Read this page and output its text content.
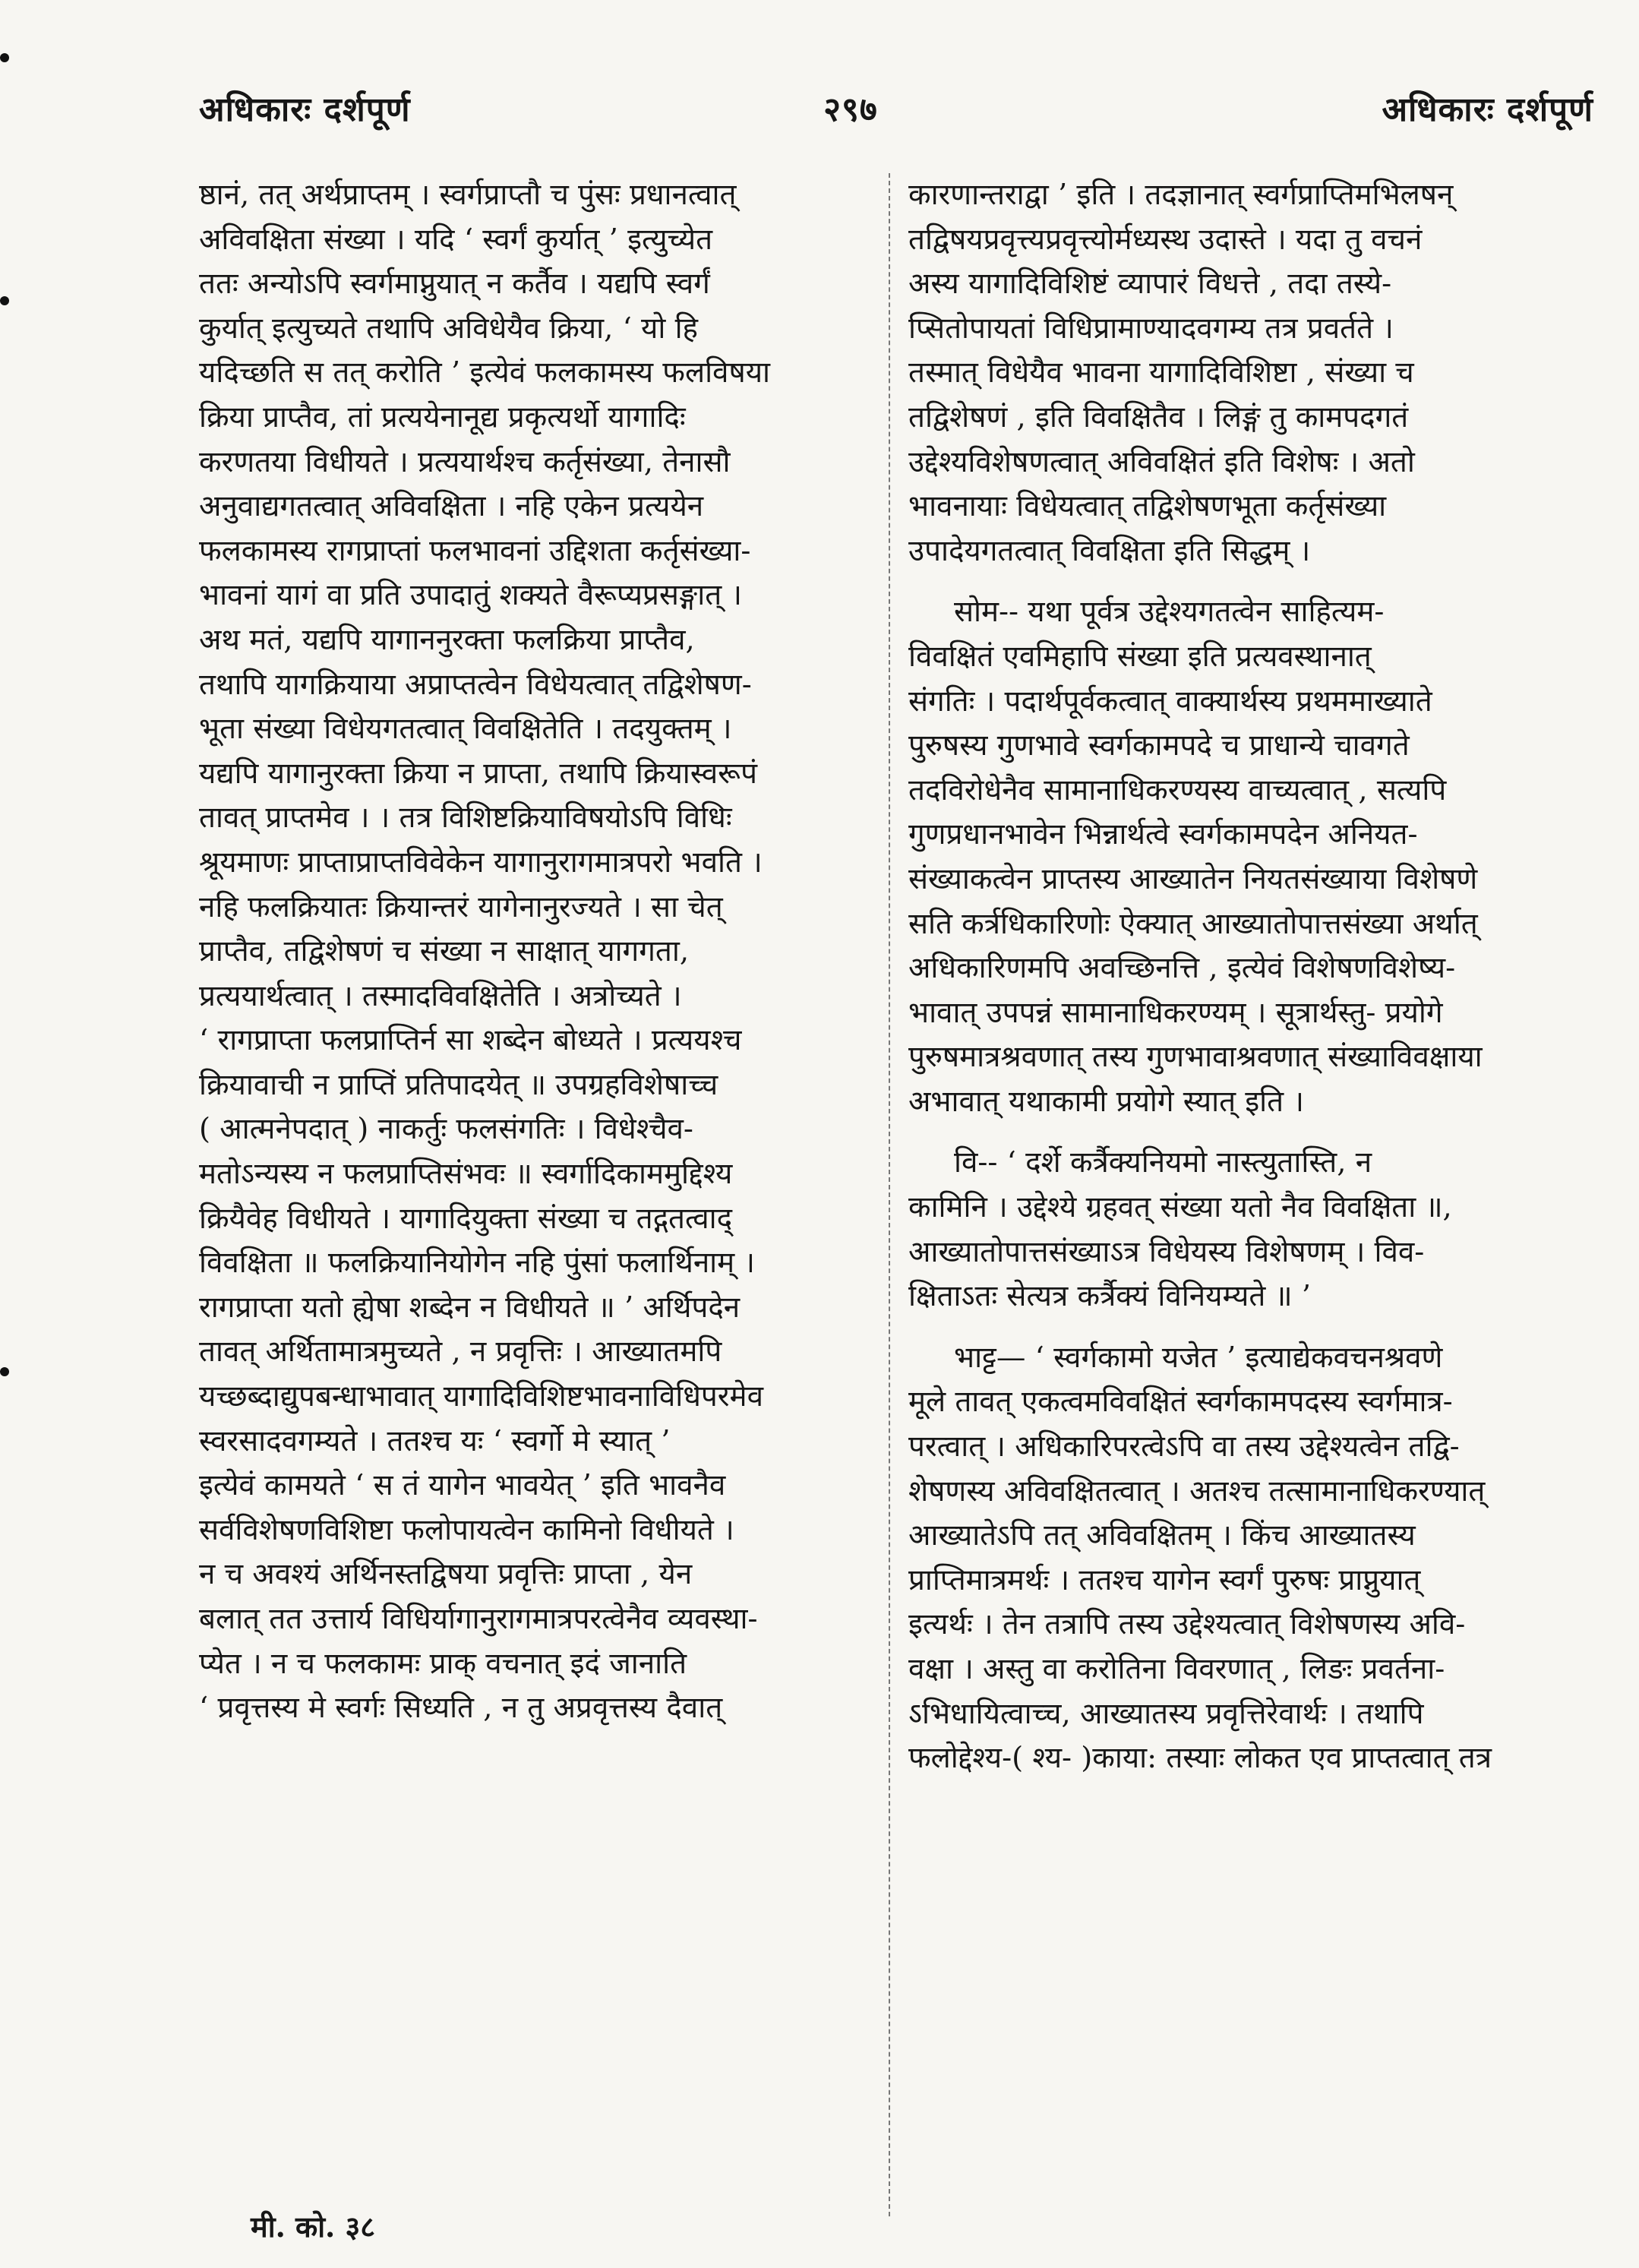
अधिकारः दर्शपूर्ण	२९७	अधिकारः दर्शपूर्ण
ष्ठानं, तत् अर्थप्राप्तम् । स्वर्गप्राप्तौ च पुंसः प्रधानत्वात्
अविवक्षिता संख्या । यदि ‘ स्वर्गं कुर्यात् ’ इत्युच्येत
ततः अन्योऽपि स्वर्गमाप्नुयात् न कर्तैव । यद्यपि स्वर्गं
कुर्यात् इत्युच्यते तथापि अविधेयैव क्रिया, ‘ यो हि
यदिच्छति स तत् करोति ’ इत्येवं फलकामस्य फलविषया
क्रिया प्राप्तैव, तां प्रत्ययेनानूद्य प्रकृत्यर्थो यागादिः
करणतया विधीयते । प्रत्ययार्थश्च कर्तृसंख्या, तेनासौ
अनुवाद्यगतत्वात् अविवक्षिता । नहि एकेन प्रत्ययेन
फलकामस्य रागप्राप्तां फलभावनां उद्दिशता कर्तृसंख्या-
भावनां यागं वा प्रति उपादातुं शक्यते वैरूप्यप्रसङ्गात् ।
अथ मतं, यद्यपि यागाननुरक्ता फलक्रिया प्राप्तैव,
तथापि यागक्रियाया अप्राप्तत्वेन विधेयत्वात् तद्विशेषण-
भूता संख्या विधेयगतत्वात् विवक्षितेति । तदयुक्तम् ।
यद्यपि यागानुरक्ता क्रिया न प्राप्ता, तथापि क्रियास्वरूपं
तावत् प्राप्तमेव । । तत्र विशिष्टक्रियाविषयोऽपि विधिः
श्रूयमाणः प्राप्ताप्राप्तविवेकेन यागानुरागमात्रपरो भवति ।
नहि फलक्रियातः क्रियान्तरं यागेनानुरज्यते । सा चेत्
प्राप्तैव, तद्विशेषणं च संख्या न साक्षात् यागगता,
प्रत्ययार्थत्वात् । तस्मादविवक्षितेति । अत्रोच्यते ।
‘ रागप्राप्ता फलप्राप्तिर्न सा शब्देन बोध्यते । प्रत्ययश्च
क्रियावाची न प्राप्तिं प्रतिपादयेत् ॥ उपग्रहविशेषाच्च
( आत्मनेपदात् ) नाकर्तुः फलसंगतिः । विधेश्चैव-
मतोऽन्यस्य न फलप्राप्तिसंभवः ॥ स्वर्गादिकाममुद्दिश्य
क्रियैवेह विधीयते । यागादियुक्ता संख्या च तद्गतत्वाद्
विवक्षिता ॥ फलक्रियानियोगेन नहि पुंसां फलार्थिनाम् ।
रागप्राप्ता यतो ह्येषा शब्देन न विधीयते ॥ ’ अर्थिपदेन
तावत् अर्थितामात्रमुच्यते , न प्रवृत्तिः । आख्यातमपि
यच्छब्दाद्युपबन्धाभावात् यागादिविशिष्टभावनाविधिपरमेव
स्वरसादवगम्यते । ततश्च यः ‘ स्वर्गो मे स्यात् ’
इत्येवं कामयते ‘ स तं यागेन भावयेत् ’ इति भावनैव
सर्वविशेषणविशिष्टा फलोपायत्वेन कामिनो विधीयते ।
न च अवश्यं अर्थिनस्तद्विषया प्रवृत्तिः प्राप्ता , येन
बलात् तत उत्तार्य विधिर्यागानुरागमात्रपरत्वेनैव व्यवस्था-
प्येत । न च फलकामः प्राक् वचनात् इदं जानाति
‘ प्रवृत्तस्य मे स्वर्गः सिध्यति , न तु अप्रवृत्तस्य दैवात्
कारणान्तराद्वा ’ इति । तदज्ञानात् स्वर्गप्राप्तिमभिलषन्
तद्विषयप्रवृत्त्यप्रवृत्त्योर्मध्यस्थ उदास्ते । यदा तु वचनं
अस्य यागादिविशिष्टं व्यापारं विधत्ते , तदा तस्ये-
प्सितोपायतां विधिप्रामाण्यादवगम्य तत्र प्रवर्तते ।
तस्मात् विधेयैव भावना यागादिविशिष्टा , संख्या च
तद्विशेषणं , इति विवक्षितैव । लिङ्गं तु कामपदगतं
उद्देश्यविशेषणत्वात् अविवक्षितं इति विशेषः । अतो
भावनायाः विधेयत्वात् तद्विशेषणभूता कर्तृसंख्या
उपादेयगतत्वात् विवक्षिता इति सिद्धम् ।
सोम-- यथा पूर्वत्र उद्देश्यगतत्वेन साहित्यम-
विवक्षितं एवमिहापि संख्या इति प्रत्यवस्थानात्
संगतिः । पदार्थपूर्वकत्वात् वाक्यार्थस्य प्रथममाख्याते
पुरुषस्य गुणभावे स्वर्गकामपदे च प्राधान्ये चावगते
तदविरोधेनैव सामानाधिकरण्यस्य वाच्यत्वात् , सत्यपि
गुणप्रधानभावेन भिन्नार्थत्वे स्वर्गकामपदेन अनियत-
संख्याकत्वेन प्राप्तस्य आख्यातेन नियतसंख्याया विशेषणे
सति कर्त्रधिकारिणोः ऐक्यात् आख्यातोपात्तसंख्या अर्थात्
अधिकारिणमपि अवच्छिनत्ति , इत्येवं विशेषणविशेष्य-
भावात् उपपन्नं सामानाधिकरण्यम् । सूत्रार्थस्तु- प्रयोगे
पुरुषमात्रश्रवणात् तस्य गुणभावाश्रवणात् संख्याविवक्षाया
अभावात् यथाकामी प्रयोगे स्यात् इति ।
वि-- ‘ दर्शे कर्त्रैक्यनियमो नास्त्युतास्ति, न
कामिनि । उद्देश्ये ग्रहवत् संख्या यतो नैव विवक्षिता ॥,
आख्यातोपात्तसंख्याऽत्र विधेयस्य विशेषणम् । विव-
क्षिताऽतः सेत्यत्र कर्त्रैक्यं विनियम्यते ॥ ’
भाट्ट— ‘ स्वर्गकामो यजेत ’ इत्याद्येकवचनश्रवणे
मूले तावत् एकत्वमविवक्षितं स्वर्गकामपदस्य स्वर्गमात्र-
परत्वात् । अधिकारिपरत्वेऽपि वा तस्य उद्देश्यत्वेन तद्वि-
शेषणस्य अविवक्षितत्वात् । अतश्च तत्सामानाधिकरण्यात्
आख्यातेऽपि तत् अविवक्षितम् । किंच आख्यातस्य
प्राप्तिमात्रमर्थः । ततश्च यागेन स्वर्गं पुरुषः प्राप्नुयात्
इत्यर्थः । तेन तत्रापि तस्य उद्देश्यत्वात् विशेषणस्य अवि-
वक्षा । अस्तु वा करोतिना विवरणात् , लिङः प्रवर्तना-
ऽभिधायित्वाच्च, आख्यातस्य प्रवृत्तिरेवार्थः । तथापि
फलोद्देश्य-( श्य- )काया: तस्याः लोकत एव प्राप्तत्वात् तत्र
मी. को. ३८
